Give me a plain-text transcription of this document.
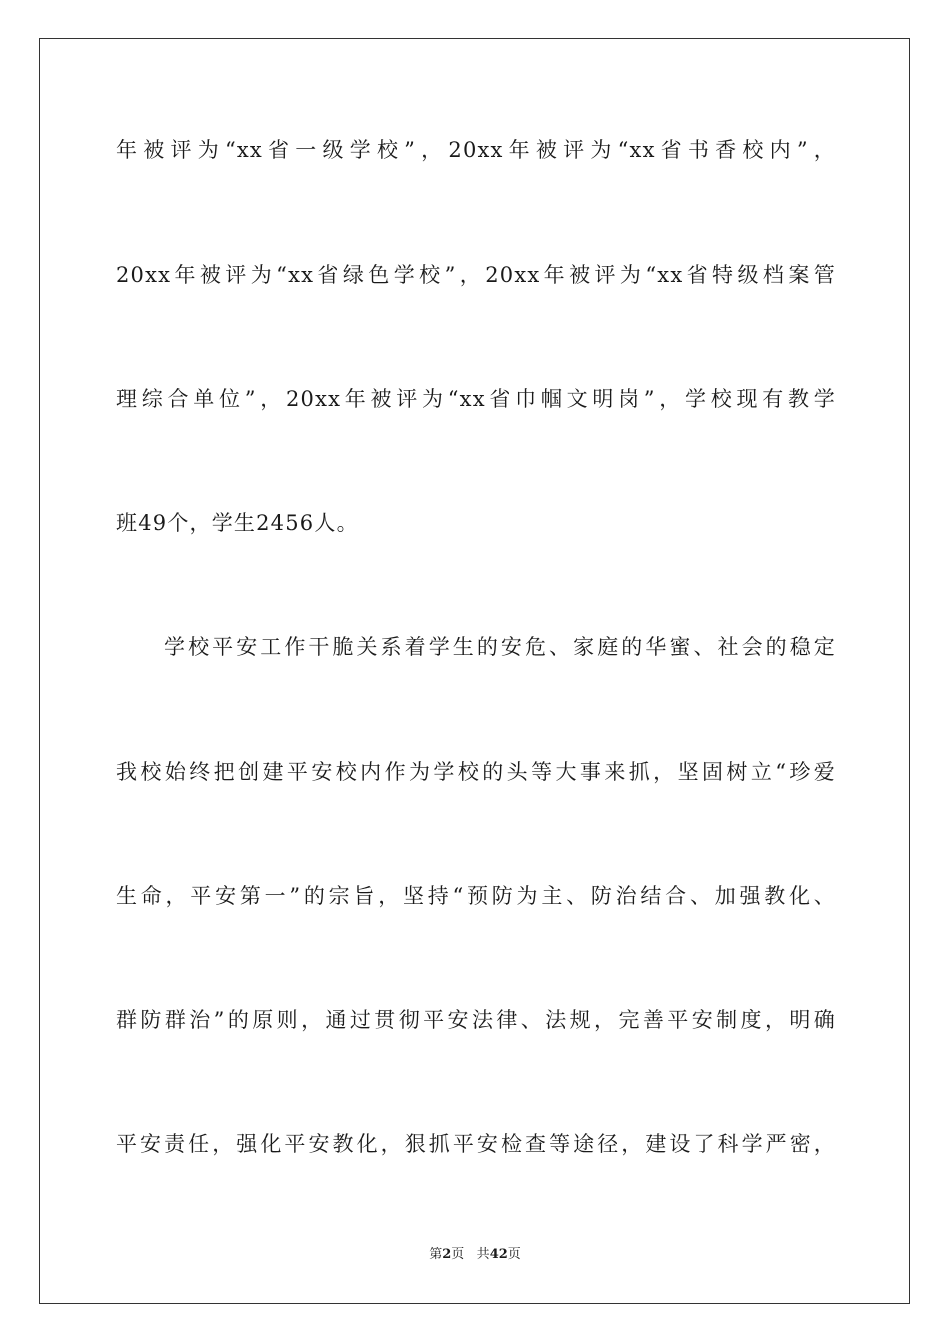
年被评为“xx省一级学校”，20xx年被评为“xx省书香校内”，
20xx年被评为“xx省绿色学校”，20xx年被评为“xx省特级档案管
理综合单位”，20xx年被评为“xx省巾帼文明岗”，学校现有教学
班49个，学生2456人。
学校平安工作干脆关系着学生的安危、家庭的华蜜、社会的稳定
我校始终把创建平安校内作为学校的头等大事来抓，坚固树立“珍爱
生命，平安第一”的宗旨，坚持“预防为主、防治结合、加强教化、
群防群治”的原则，通过贯彻平安法律、法规，完善平安制度，明确
平安责任，强化平安教化，狠抓平安检查等途径，建设了科学严密，
第2页 共42页
